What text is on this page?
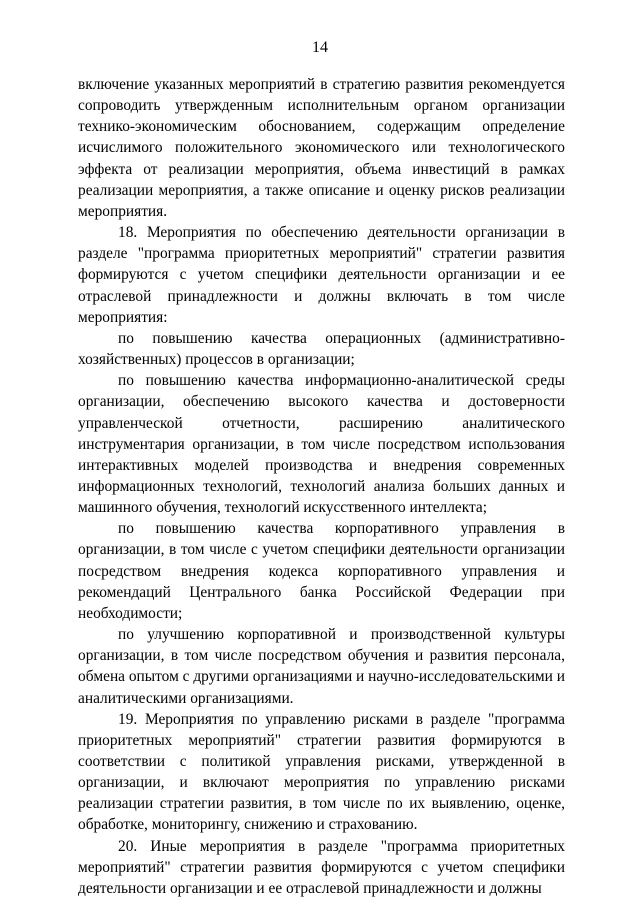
14

включение указанных мероприятий в стратегию развития рекомендуется сопроводить утвержденным исполнительным органом организации технико-экономическим обоснованием, содержащим определение исчислимого положительного экономического или технологического эффекта от реализации мероприятия, объема инвестиций в рамках реализации мероприятия, а также описание и оценку рисков реализации мероприятия.

18. Мероприятия по обеспечению деятельности организации в разделе "программа приоритетных мероприятий" стратегии развития формируются с учетом специфики деятельности организации и ее отраслевой принадлежности и должны включать в том числе мероприятия:

по повышению качества операционных (административно-хозяйственных) процессов в организации;

по повышению качества информационно-аналитической среды организации, обеспечению высокого качества и достоверности управленческой отчетности, расширению аналитического инструментария организации, в том числе посредством использования интерактивных моделей производства и внедрения современных информационных технологий, технологий анализа больших данных и машинного обучения, технологий искусственного интеллекта;

по повышению качества корпоративного управления в организации, в том числе с учетом специфики деятельности организации посредством внедрения кодекса корпоративного управления и рекомендаций Центрального банка Российской Федерации при необходимости;

по улучшению корпоративной и производственной культуры организации, в том числе посредством обучения и развития персонала, обмена опытом с другими организациями и научно-исследовательскими и аналитическими организациями.

19. Мероприятия по управлению рисками в разделе "программа приоритетных мероприятий" стратегии развития формируются в соответствии с политикой управления рисками, утвержденной в организации, и включают мероприятия по управлению рисками реализации стратегии развития, в том числе по их выявлению, оценке, обработке, мониторингу, снижению и страхованию.

20. Иные мероприятия в разделе "программа приоритетных мероприятий" стратегии развития формируются с учетом специфики деятельности организации и ее отраслевой принадлежности и должны
